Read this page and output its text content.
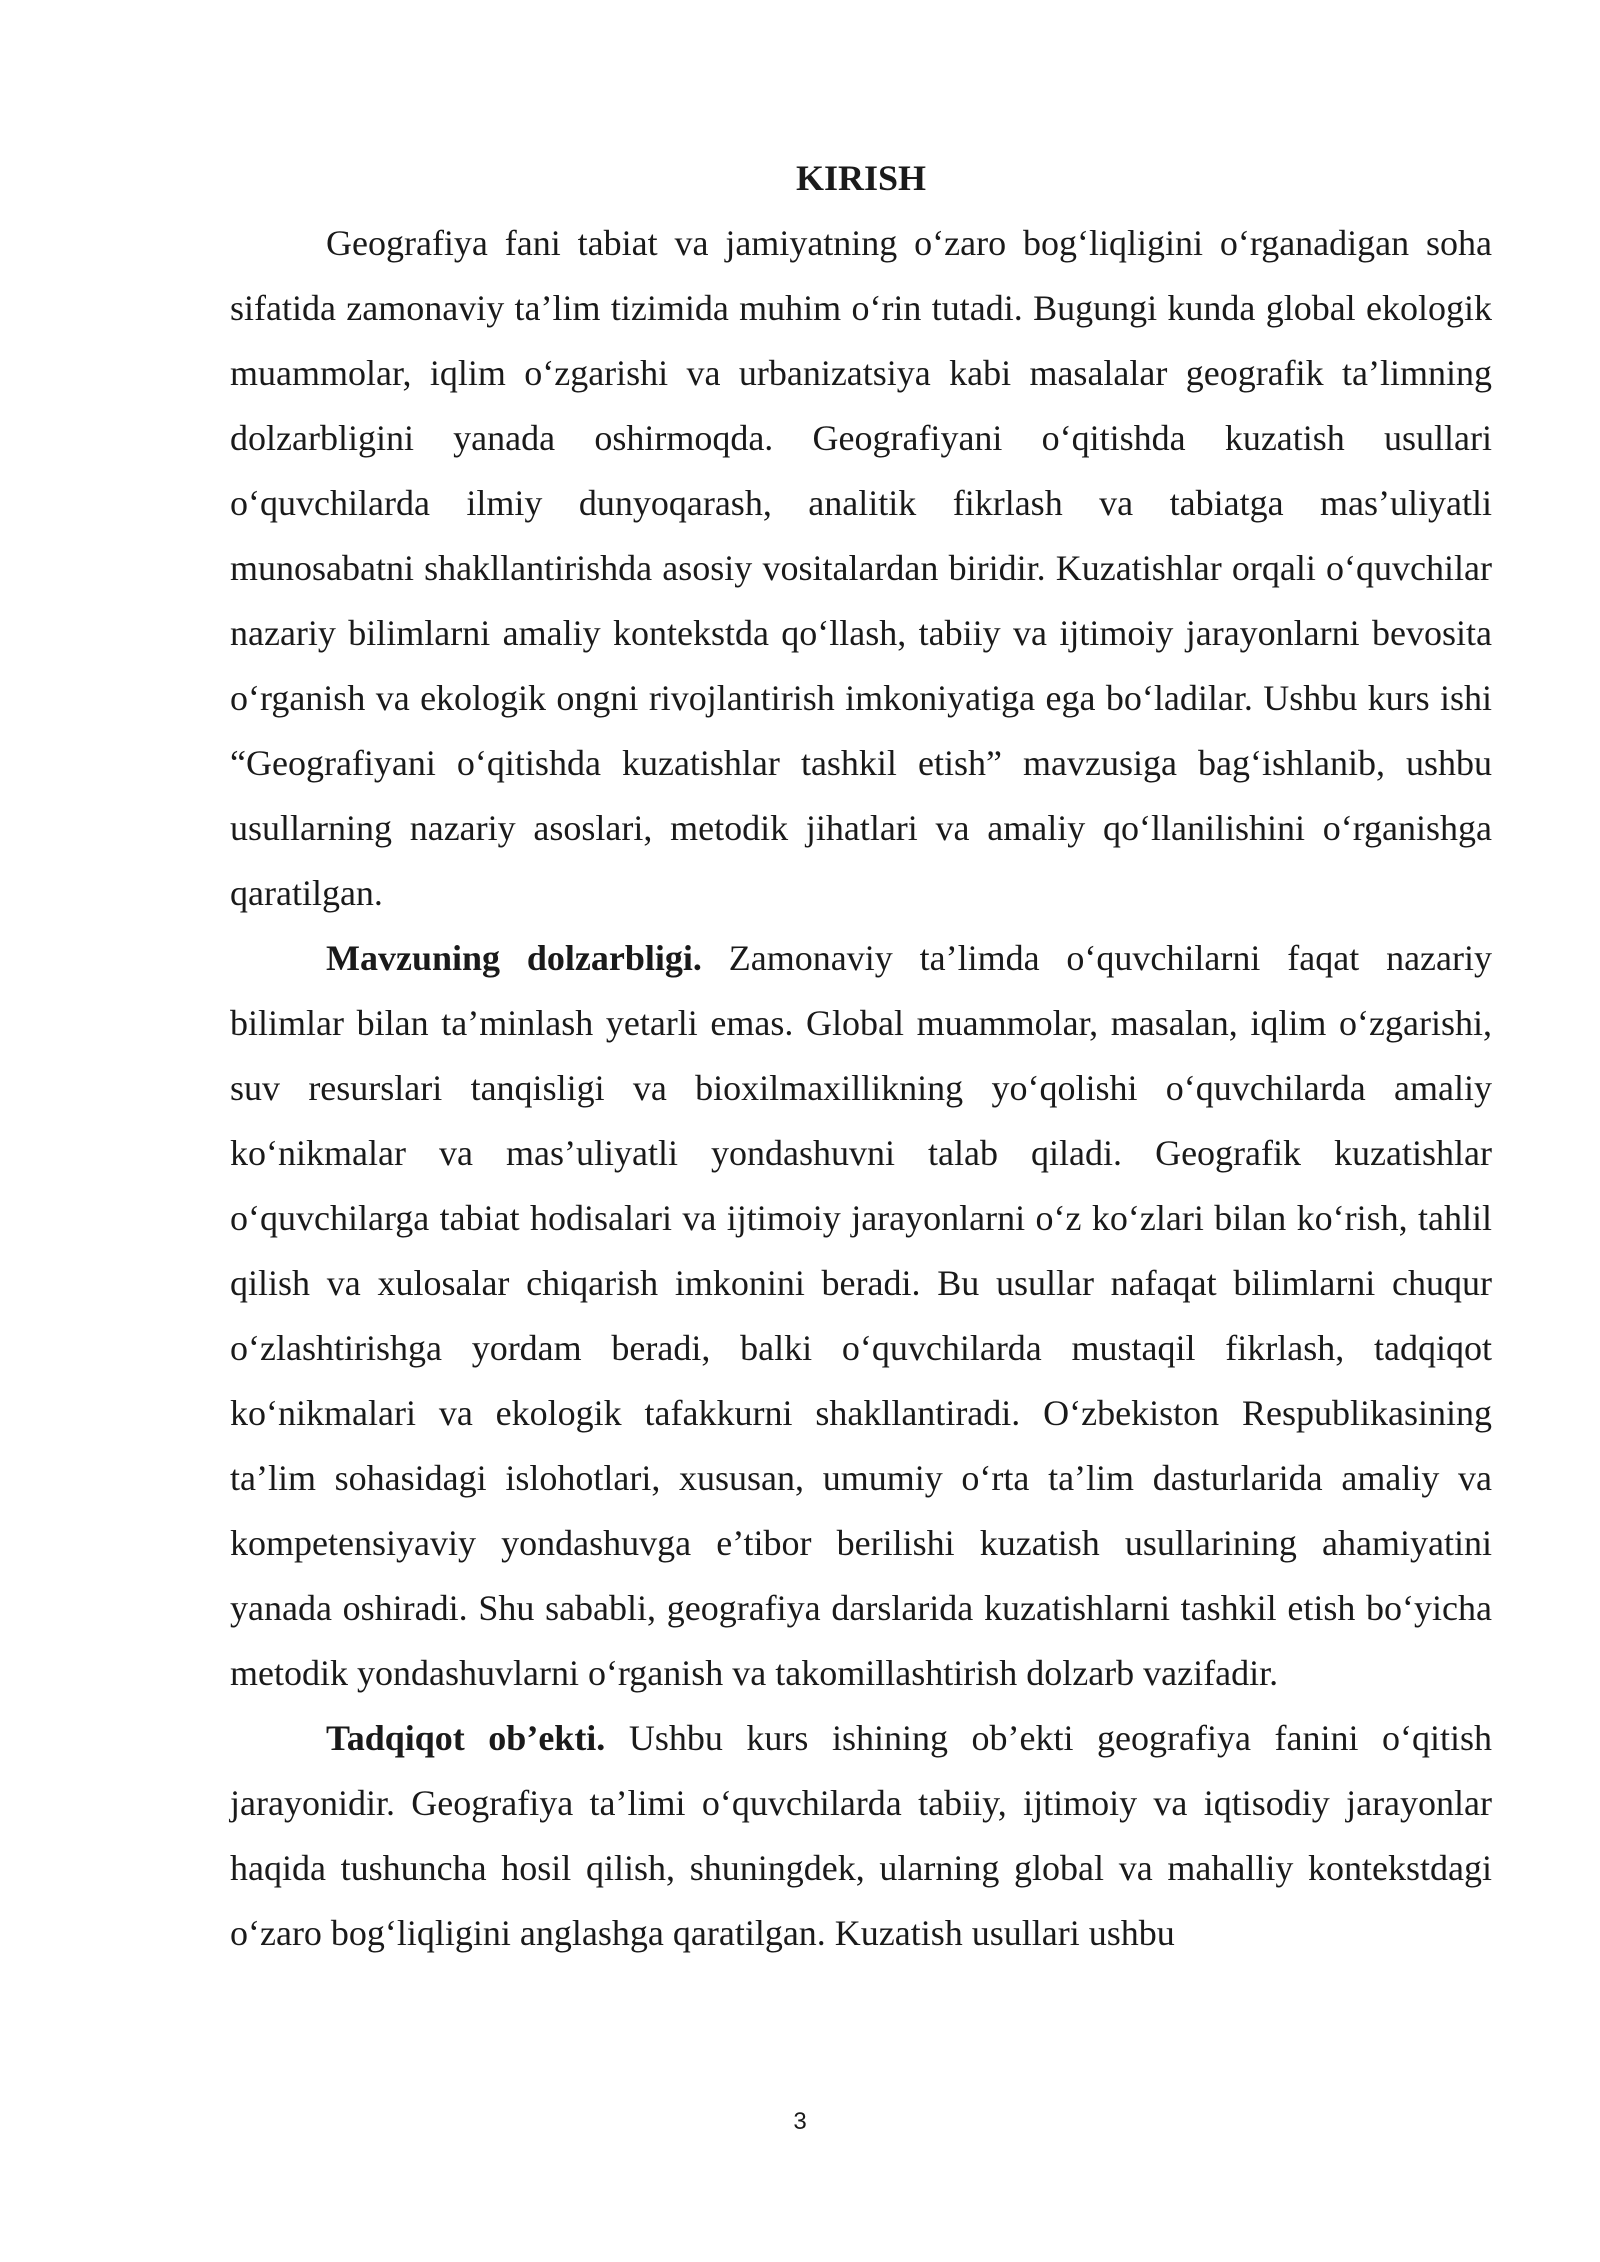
KIRISH

Geografiya fani tabiat va jamiyatning o‘zaro bog‘liqligini o‘rganadigan soha sifatida zamonaviy ta’lim tizimida muhim o‘rin tutadi. Bugungi kunda global ekologik muammolar, iqlim o‘zgarishi va urbanizatsiya kabi masalalar geografik ta’limning dolzarbligini yanada oshirmoqda. Geografiyani o‘qitishda kuzatish usullari o‘quvchilarda ilmiy dunyoqarash, analitik fikrlash va tabiatga mas’uliyatli munosabatni shakllantirishda asosiy vositalardan biridir. Kuzatishlar orqali o‘quvchilar nazariy bilimlarni amaliy kontekstda qo‘llash, tabiiy va ijtimoiy jarayonlarni bevosita o‘rganish va ekologik ongni rivojlantirish imkoniyatiga ega bo‘ladilar. Ushbu kurs ishi “Geografiyani o‘qitishda kuzatishlar tashkil etish” mavzusiga bag‘ishlanib, ushbu usullarning nazariy asoslari, metodik jihatlari va amaliy qo‘llanilishini o‘rganishga qaratilgan.

Mavzuning dolzarbligi. Zamonaviy ta’limda o‘quvchilarni faqat nazariy bilimlar bilan ta’minlash yetarli emas. Global muammolar, masalan, iqlim o‘zgarishi, suv resurslari tanqisligi va bioxilmaxillikning yo‘qolishi o‘quvchilarda amaliy ko‘nikmalar va mas’uliyatli yondashuvni talab qiladi. Geografik kuzatishlar o‘quvchilarga tabiat hodisalari va ijtimoiy jarayonlarni o‘z ko‘zlari bilan ko‘rish, tahlil qilish va xulosalar chiqarish imkonini beradi. Bu usullar nafaqat bilimlarni chuqur o‘zlashtirishga yordam beradi, balki o‘quvchilarda mustaqil fikrlash, tadqiqot ko‘nikmalari va ekologik tafakkurni shakllantiradi. O‘zbekiston Respublikasining ta’lim sohasidagi islohotlari, xususan, umumiy o‘rta ta’lim dasturlarida amaliy va kompetensiyaviy yondashuvga e’tibor berilishi kuzatish usullarining ahamiyatini yanada oshiradi. Shu sababli, geografiya darslarida kuzatishlarni tashkil etish bo‘yicha metodik yondashuvlarni o‘rganish va takomillashtirish dolzarb vazifadir.

Tadqiqot ob’ekti. Ushbu kurs ishining ob’ekti geografiya fanini o‘qitish jarayonidir. Geografiya ta’limi o‘quvchilarda tabiiy, ijtimoiy va iqtisodiy jarayonlar haqida tushuncha hosil qilish, shuningdek, ularning global va mahalliy kontekstdagi o‘zaro bog‘liqligini anglashga qaratilgan. Kuzatish usullari ushbu

3
